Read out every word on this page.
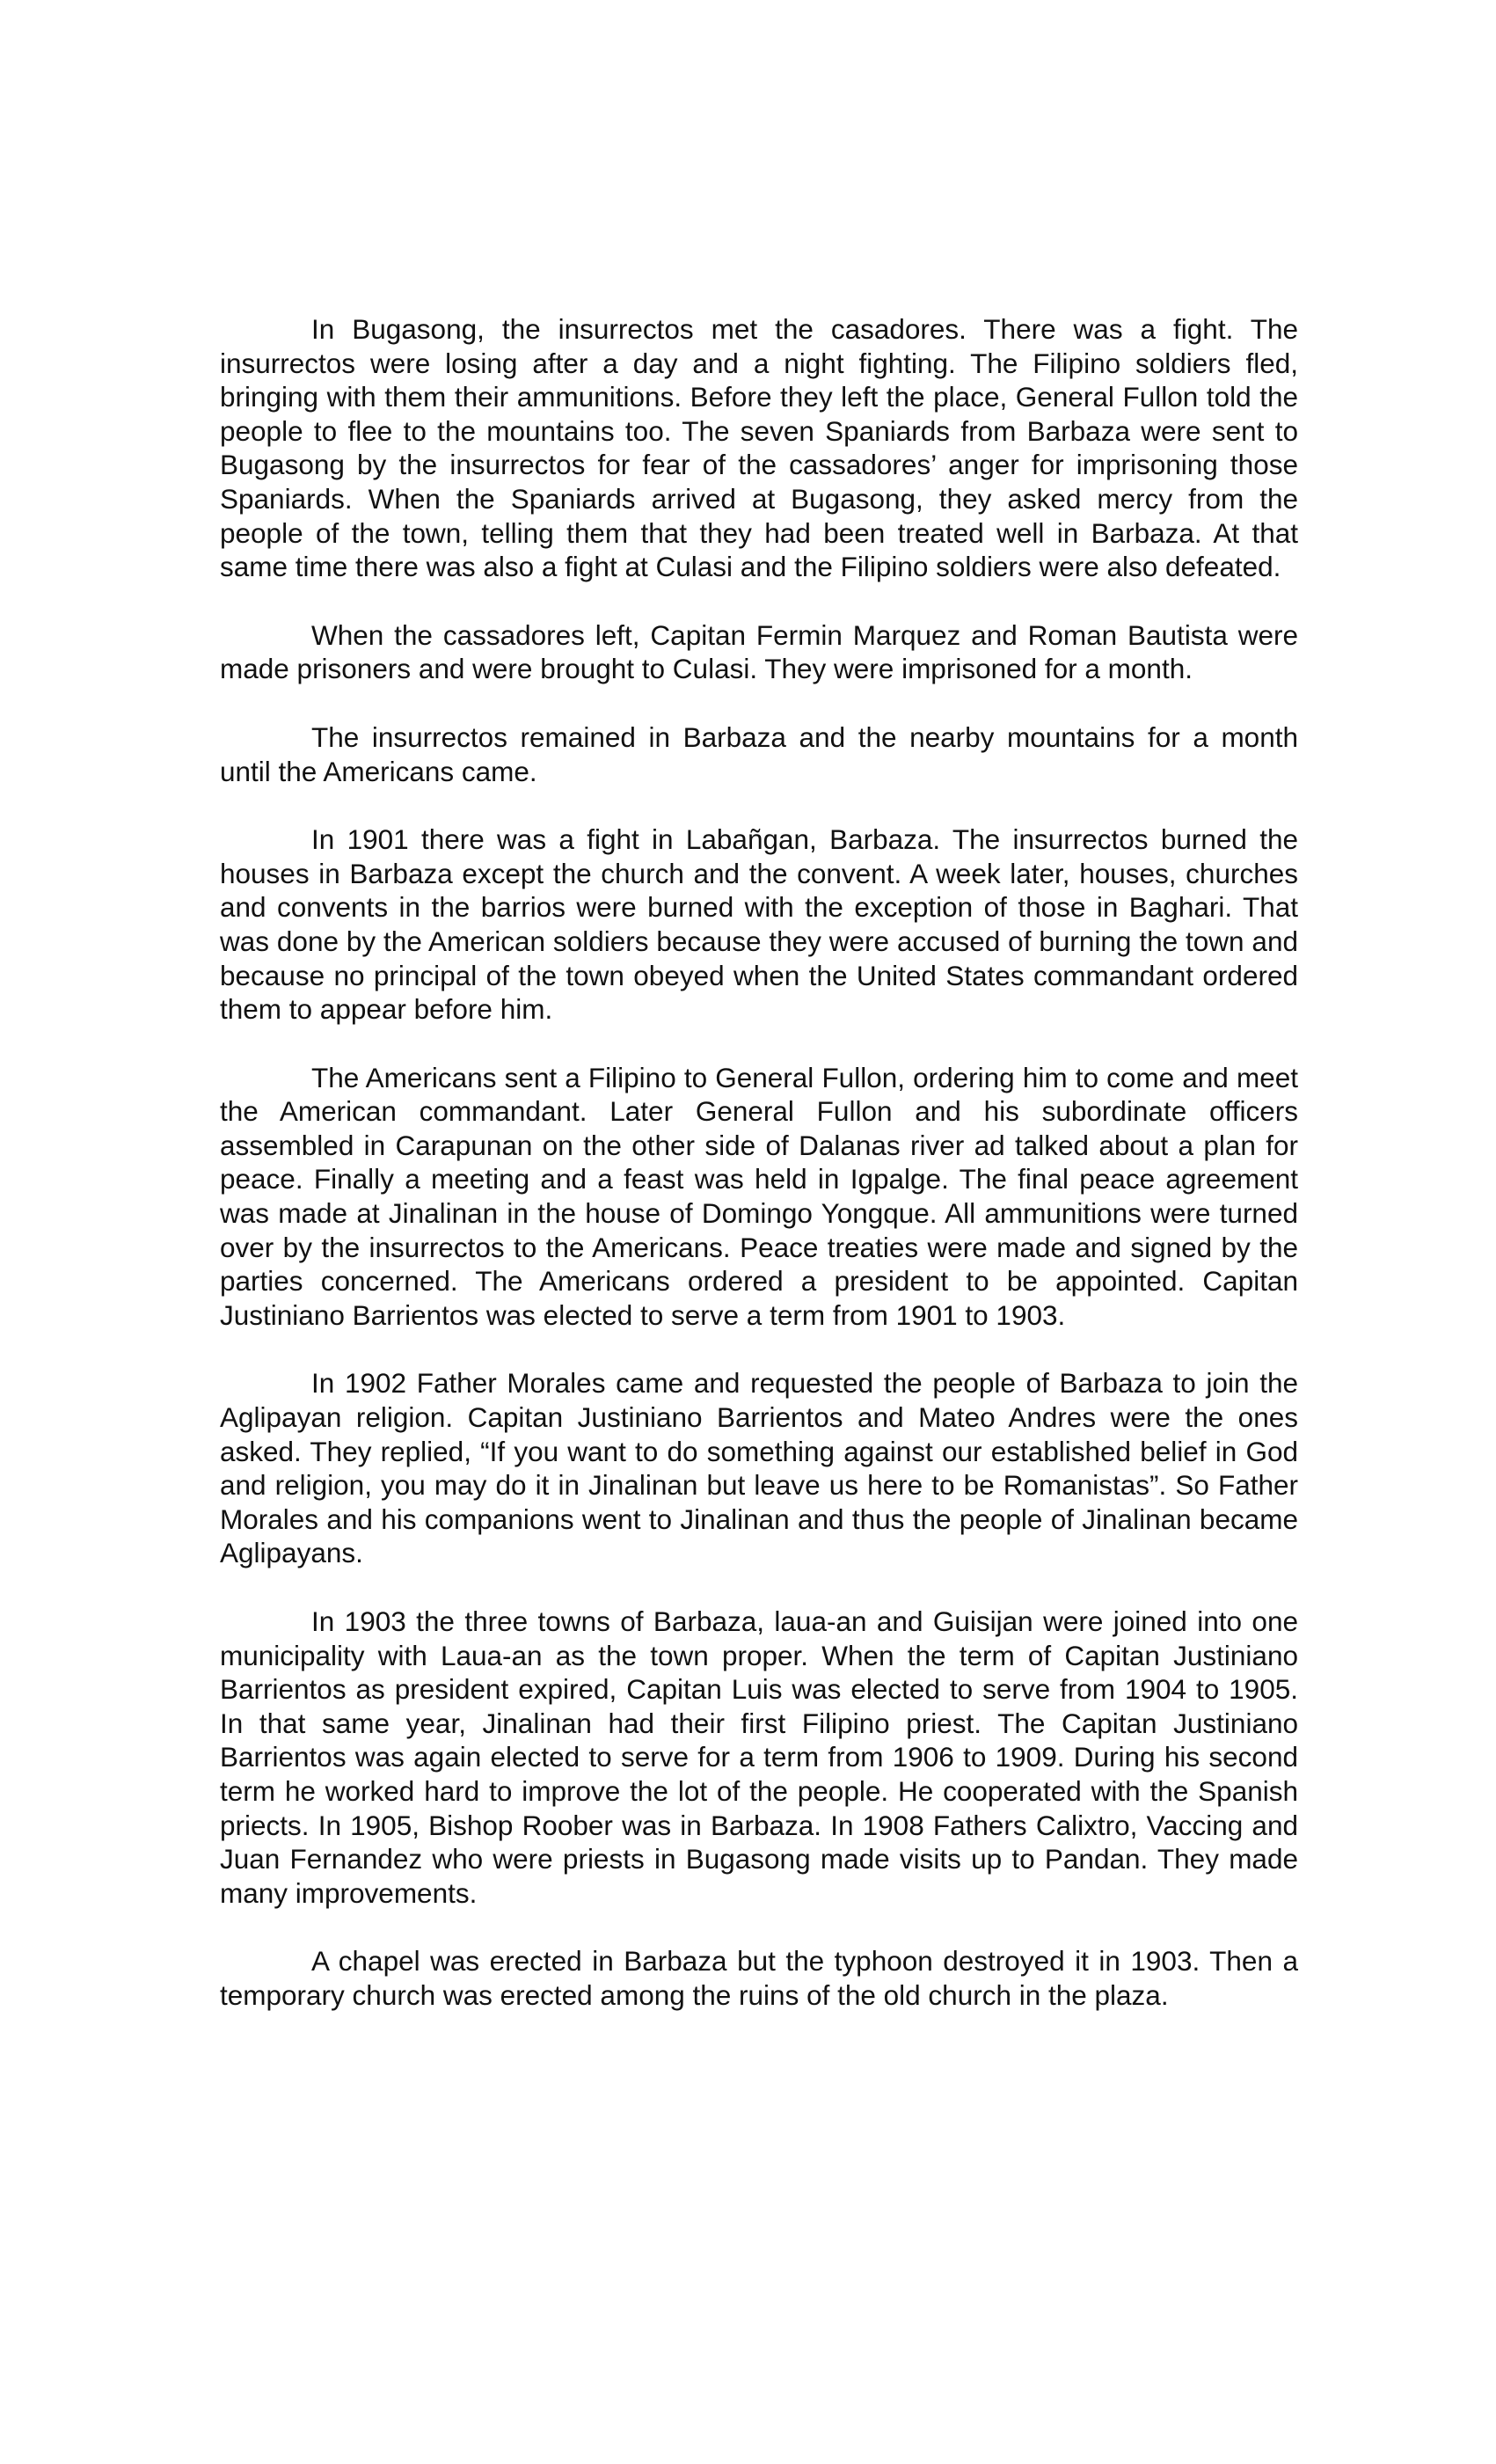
In Bugasong, the insurrectos met the casadores. There was a fight. The insurrectos were losing after a day and a night fighting. The Filipino soldiers fled, bringing with them their ammunitions. Before they left the place, General Fullon told the people to flee to the mountains too. The seven Spaniards from Barbaza were sent to Bugasong by the insurrectos for fear of the cassadores’ anger for imprisoning those Spaniards. When the Spaniards arrived at Bugasong, they asked mercy from the people of the town, telling them that they had been treated well in Barbaza. At that same time there was also a fight at Culasi and the Filipino soldiers were also defeated.

When the cassadores left, Capitan Fermin Marquez and Roman Bautista were made prisoners and were brought to Culasi. They were imprisoned for a month.

The insurrectos remained in Barbaza and the nearby mountains for a month until the Americans came.

In 1901 there was a fight in Labañgan, Barbaza. The insurrectos burned the houses in Barbaza except the church and the convent. A week later, houses, churches and convents in the barrios were burned with the exception of those in Baghari. That was done by the American soldiers because they were accused of burning the town and because no principal of the town obeyed when the United States commandant ordered them to appear before him.

The Americans sent a Filipino to General Fullon, ordering him to come and meet the American commandant. Later General Fullon and his subordinate officers assembled in Carapunan on the other side of Dalanas river ad talked about a plan for peace. Finally a meeting and a feast was held in Igpalge. The final peace agreement was made at Jinalinan in the house of Domingo Yongque. All ammunitions were turned over by the insurrectos to the Americans. Peace treaties were made and signed by the parties concerned. The Americans ordered a president to be appointed. Capitan Justiniano Barrientos was elected to serve a term from 1901 to 1903.

In 1902 Father Morales came and requested the people of Barbaza to join the Aglipayan religion. Capitan Justiniano Barrientos and Mateo Andres were the ones asked. They replied, “If you want to do something against our established belief in God and religion, you may do it in Jinalinan but leave us here to be Romanistas”. So Father Morales and his companions went to Jinalinan and thus the people of Jinalinan became Aglipayans.

In 1903 the three towns of Barbaza, laua-an and Guisijan were joined into one municipality with Laua-an as the town proper. When the term of Capitan Justiniano Barrientos as president expired, Capitan Luis was elected to serve from 1904 to 1905. In that same year, Jinalinan had their first Filipino priest. The Capitan Justiniano Barrientos was again elected to serve for a term from 1906 to 1909. During his second term he worked hard to improve the lot of the people. He cooperated with the Spanish priects. In 1905, Bishop Roober was in Barbaza. In 1908 Fathers Calixtro, Vaccing and Juan Fernandez who were priests in Bugasong made visits up to Pandan. They made many improvements.

A chapel was erected in Barbaza but the typhoon destroyed it in 1903. Then a temporary church was erected among the ruins of the old church in the plaza.
